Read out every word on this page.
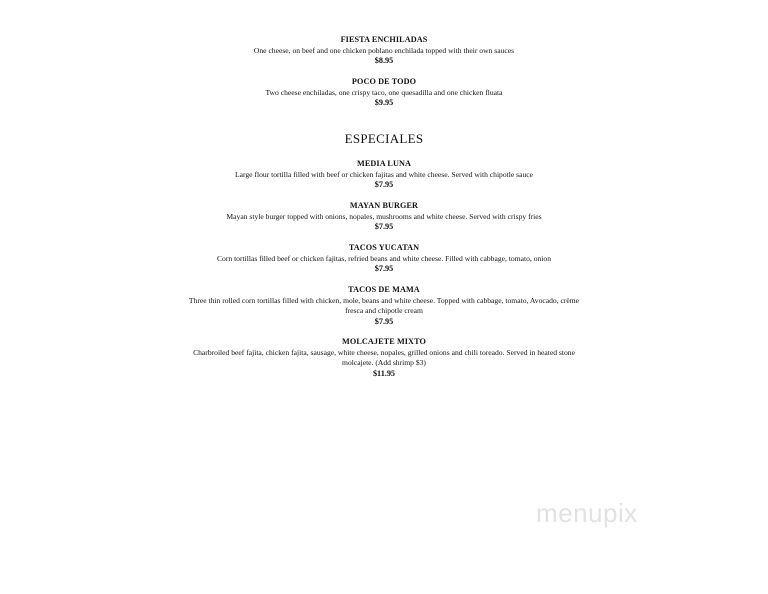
FIESTA ENCHILADAS
One cheese, on beef and one chicken poblano enchilada topped with their own sauces
$8.95
POCO DE TODO
Two cheese enchiladas, one crispy taco, one quesadilla and one chicken fluata
$9.95
ESPECIALES
MEDIA LUNA
Large flour tortilla filled with beef or chicken fajitas and white cheese. Served with chipotle sauce
$7.95
MAYAN BURGER
Mayan style burger topped with onions, nopales, mushrooms and white cheese. Served with crispy fries
$7.95
TACOS YUCATAN
Corn tortillas filled beef or chicken fajitas, refried beans and white cheese. Filled with cabbage, tomato, onion
$7.95
TACOS DE MAMA
Three thin rolled corn tortillas filled with chicken, mole, beans and white cheese. Topped with cabbage, tomato, Avocado, crème fresca and chipotle cream
$7.95
MOLCAJETE MIXTO
Charbroiled beef fajita, chicken fajita, sausage, white cheese, nopales, grilled onions and chili toreado. Served in heated stone molcajete. (Add shrimp $3)
$11.95
menupix
